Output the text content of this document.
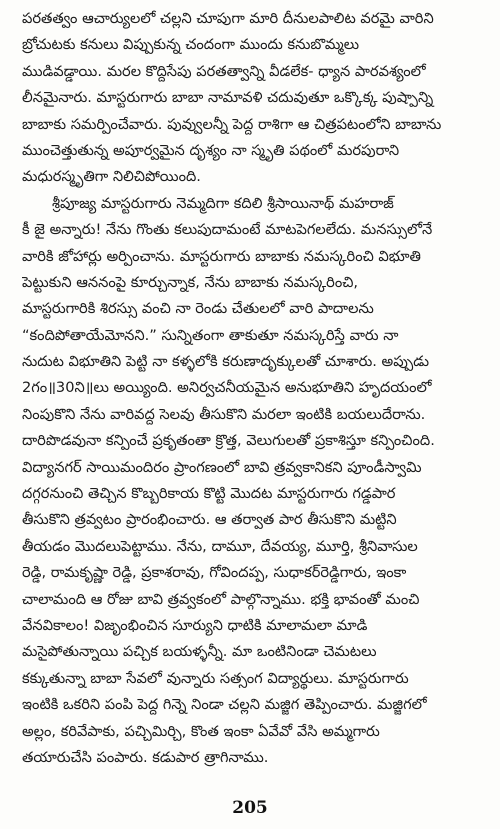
పరతత్వం ఆచార్యులలో చల్లని చూపుగా మారి దీనులపాలిట వరమై వారిని
బ్రోచుటకు కనులు విప్పుకున్న చందంగా ముందు కనుబొమ్మలు
ముడివడ్డాయి. మరల కొద్దిసేపు పరతత్వాన్ని వీడలేక- ధ్యాన పారవశ్యంలో
లీనమైనారు. మాస్టరుగారు బాబా నామావళి చదువుతూ ఒక్కొక్క పుష్పాన్ని
బాబాకు సమర్పించేవారు. పువ్వులన్నీ పెద్ద రాశిగా ఆ చిత్రపటంలోని బాబాను
ముంచెత్తుతున్న అపూర్వమైన దృశ్యం నా స్మృతి పథంలో మరపురాని
మధురస్మృతిగా నిలిచిపోయింది.
శ్రీపూజ్య మాస్టరుగారు నెమ్మదిగా కదిలి శ్రీసాయినాథ్ మహరాజ్
కీ జై అన్నారు! నేను గొంతు కలుపుదామంటే మాటపెగలలేదు. మనస్సులోనే
వారికి జోహార్లు అర్పించాను. మాస్టరుగారు బాబాకు నమస్కరించి విభూతి
పెట్టుకుని ఆననంపై కూర్చున్నాక, నేను బాబాకు నమస్కరించి,
మాస్టరుగారికి శిరస్సు వంచి నా రెండు చేతులలో వారి పాదాలను
“కందిపోతాయేమోనని.” సున్నితంగా తాకుతూ నమస్కరిస్తే వారు నా
నుదుట విభూతిని పెట్టి నా కళ్ళలోకి కరుణాదృక్కులతో చూశారు. అప్పుడు
2గం॥30ని॥లు అయ్యింది. అనిర్వచనీయమైన అనుభూతిని హృదయంలో
నింపుకొని నేను వారివద్ద సెలవు తీసుకొని మరలా ఇంటికి బయలుదేరాను.
దారిపొడవునా కన్పించే ప్రకృతంతా క్రొత్త, వెలుగులతో ప్రకాశిస్తూ కన్పించింది.
విద్యానగర్ సాయిమందిరం ప్రాంగణంలో బావి త్రవ్వకానికని పూండీస్వామి
దగ్గరనుంచి తెచ్చిన కొబ్బరికాయ కొట్టి మొదట మాస్టరుగారు గడ్డపార
తీసుకొని త్రవ్వటం ప్రారంభించారు. ఆ తర్వాత పార తీసుకొని మట్టిని
తీయడం మొదలుపెట్టాము. నేను, దామూ, దేవయ్య, మూర్తి, శ్రీనివాసుల
రెడ్డి, రామకృష్ణా రెడ్డి, ప్రకాశరావు, గోవిందప్ప, సుధాకర్‌రెడ్డిగారు, ఇంకా
చాలామంది ఆ రోజు బావి త్రవ్వకంలో పాల్గొన్నాము. భక్తి భావంతో మంచి
వేనవికాలం! విజృంభించిన సూర్యుని ధాటికి మాలామలా మాడి
మసైపోతున్నాయి పచ్చిక బయళ్ళన్నీ. మా ఒంటినిండా చెమటలు
కక్కుతున్నా బాబా సేవలో వున్నారు సత్సంగ విద్యార్థులు. మాస్టరుగారు
ఇంటికి ఒకరిని పంపి పెద్ద గిన్నె నిండా చల్లని మజ్జిగ తెప్పించారు. మజ్జిగలో
అల్లం, కరివేపాకు, పచ్చిమిర్చి, కొంత ఇంకా ఏవేవో వేసి అమ్మగారు
తయారుచేసి పంపారు. కడుపార త్రాగినాము.
205
